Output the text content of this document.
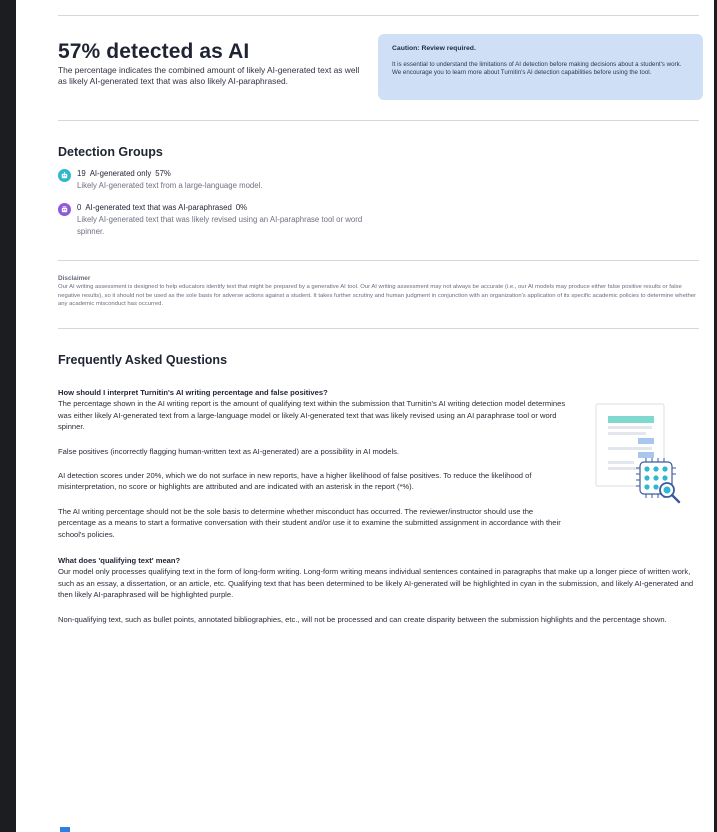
57% detected as AI
The percentage indicates the combined amount of likely AI-generated text as well as likely AI-generated text that was also likely AI-paraphrased.
Caution: Review required.
It is essential to understand the limitations of AI detection before making decisions about a student's work. We encourage you to learn more about Turnitin's AI detection capabilities before using the tool.
Detection Groups
19 AI-generated only 57%
Likely AI-generated text from a large-language model.
0 AI-generated text that was AI-paraphrased 0%
Likely AI-generated text that was likely revised using an AI-paraphrase tool or word spinner.
Disclaimer
Our AI writing assessment is designed to help educators identify text that might be prepared by a generative AI tool. Our AI writing assessment may not always be accurate (i.e., our AI models may produce either false positive results or false negative results), so it should not be used as the sole basis for adverse actions against a student. It takes further scrutiny and human judgment in conjunction with an organization's application of its specific academic policies to determine whether any academic misconduct has occurred.
Frequently Asked Questions
How should I interpret Turnitin's AI writing percentage and false positives?
The percentage shown in the AI writing report is the amount of qualifying text within the submission that Turnitin's AI writing detection model determines was either likely AI-generated text from a large-language model or likely AI-generated text that was likely revised using an AI paraphrase tool or word spinner.
False positives (incorrectly flagging human-written text as AI-generated) are a possibility in AI models.
AI detection scores under 20%, which we do not surface in new reports, have a higher likelihood of false positives. To reduce the likelihood of misinterpretation, no score or highlights are attributed and are indicated with an asterisk in the report (*%).
The AI writing percentage should not be the sole basis to determine whether misconduct has occurred. The reviewer/instructor should use the percentage as a means to start a formative conversation with their student and/or use it to examine the submitted assignment in accordance with their school's policies.
What does 'qualifying text' mean?
Our model only processes qualifying text in the form of long-form writing. Long-form writing means individual sentences contained in paragraphs that make up a longer piece of written work, such as an essay, a dissertation, or an article, etc. Qualifying text that has been determined to be likely AI-generated will be highlighted in cyan in the submission, and likely AI-generated and then likely AI-paraphrased will be highlighted purple.
Non-qualifying text, such as bullet points, annotated bibliographies, etc., will not be processed and can create disparity between the submission highlights and the percentage shown.
